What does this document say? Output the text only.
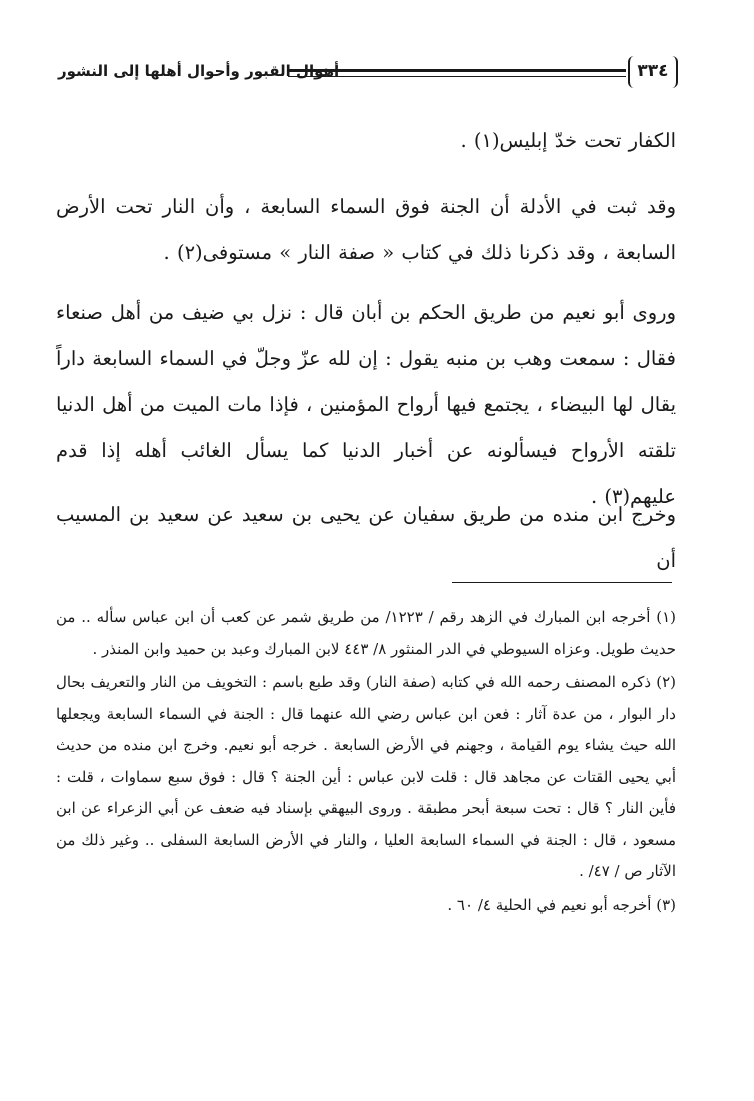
أهوال القبور وأحوال أهلها إلى النشور	٣٣٤
الكفار تحت خدّ إبليس(١) .
وقد ثبت في الأدلة أن الجنة فوق السماء السابعة ، وأن النار تحت الأرض السابعة ، وقد ذكرنا ذلك في كتاب « صفة النار » مستوفى(٢) .
وروى أبو نعيم من طريق الحكم بن أبان قال : نزل بي ضيف من أهل صنعاء فقال : سمعت وهب بن منبه يقول : إن لله عزّ وجلّ في السماء السابعة داراً يقال لها البيضاء ، يجتمع فيها أرواح المؤمنين ، فإذا مات الميت من أهل الدنيا تلقته الأرواح فيسألونه عن أخبار الدنيا كما يسأل الغائب أهله إذا قدم عليهم(٣) .
وخرج ابن منده من طريق سفيان عن يحيى بن سعيد عن سعيد بن المسيب أن
(١) أخرجه ابن المبارك في الزهد رقم / ١٢٢٣/ من طريق شمر عن كعب أن ابن عباس سأله .. من حديث طويل. وعزاه السيوطي في الدر المنثور ٨/ ٤٤٣ لابن المبارك وعبد بن حميد وابن المنذر .
(٢) ذكره المصنف رحمه الله في كتابه (صفة النار) وقد طبع باسم : التخويف من النار والتعريف بحال دار البوار ، من عدة آثار : فعن ابن عباس رضي الله عنهما قال : الجنة في السماء السابعة ويجعلها الله حيث يشاء يوم القيامة ، وجهنم في الأرض السابعة . خرجه أبو نعيم. وخرج ابن منده من حديث أبي يحيى القتات عن مجاهد قال : قلت لابن عباس : أين الجنة ؟ قال : فوق سبع سماوات ، قلت : فأين النار ؟ قال : تحت سبعة أبحر مطبقة . وروى البيهقي بإسناد فيه ضعف عن أبي الزعراء عن ابن مسعود ، قال : الجنة في السماء السابعة العليا ، والنار في الأرض السابعة السفلى .. وغير ذلك من الآثار ص / ٤٧/ .
(٣) أخرجه أبو نعيم في الحلية ٤/ ٦٠ .
